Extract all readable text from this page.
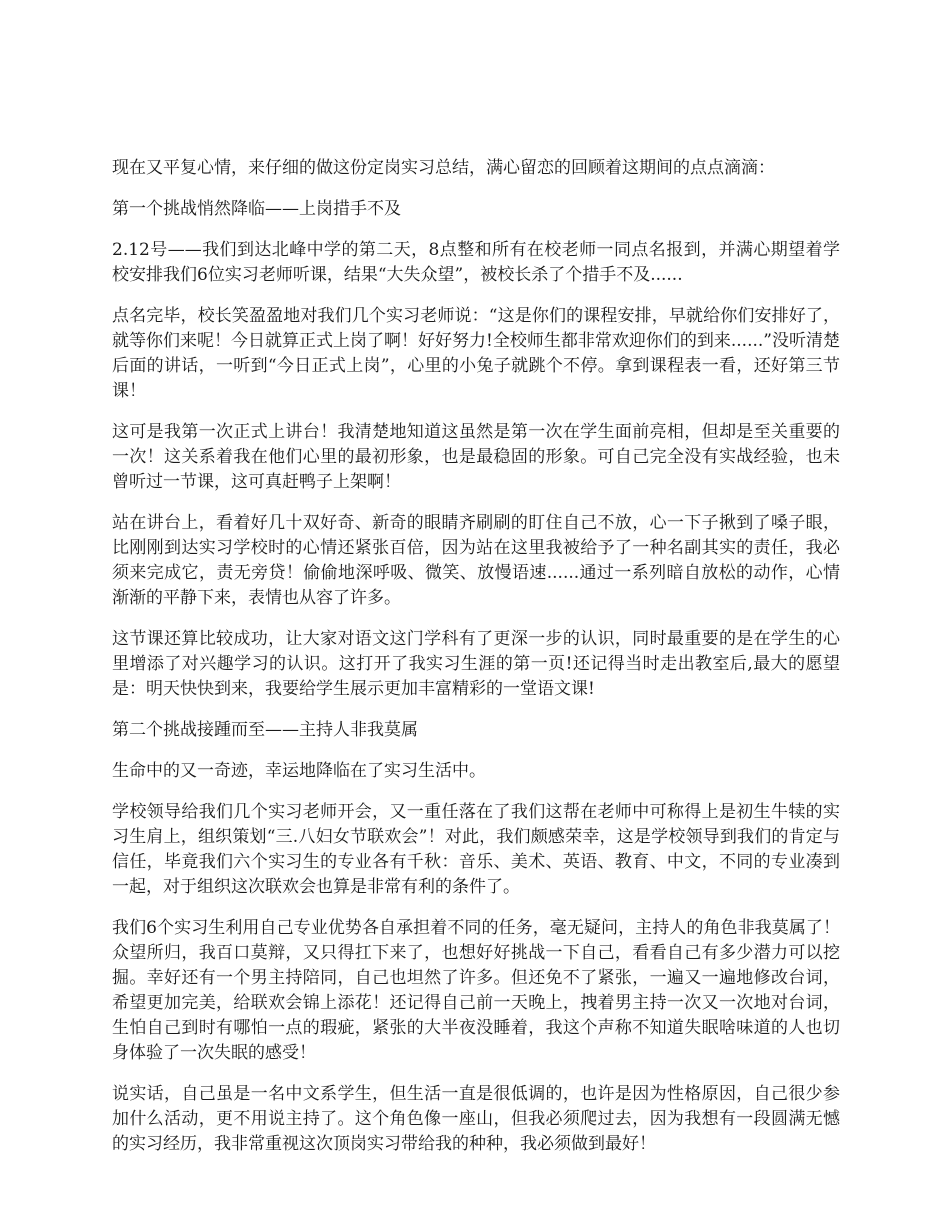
现在又平复心情，来仔细的做这份定岗实习总结，满心留恋的回顾着这期间的点点滴滴：

第一个挑战悄然降临——上岗措手不及

2.12号——我们到达北峰中学的第二天，8点整和所有在校老师一同点名报到，并满心期望着学校安排我们6位实习老师听课，结果“大失众望”，被校长杀了个措手不及......

点名完毕，校长笑盈盈地对我们几个实习老师说：“这是你们的课程安排，早就给你们安排好了，就等你们来呢！今日就算正式上岗了啊！好好努力!全校师生都非常欢迎你们的到来......”没听清楚后面的讲话，一听到“今日正式上岗”，心里的小兔子就跳个不停。拿到课程表一看，还好第三节课！

这可是我第一次正式上讲台！我清楚地知道这虽然是第一次在学生面前亮相，但却是至关重要的一次！这关系着我在他们心里的最初形象，也是最稳固的形象。可自己完全没有实战经验，也未曾听过一节课，这可真赶鸭子上架啊！

站在讲台上，看着好几十双好奇、新奇的眼睛齐刷刷的盯住自己不放，心一下子揪到了嗓子眼，比刚刚到达实习学校时的心情还紧张百倍，因为站在这里我被给予了一种名副其实的责任，我必须来完成它，责无旁贷！偷偷地深呼吸、微笑、放慢语速......通过一系列暗自放松的动作，心情渐渐的平静下来，表情也从容了许多。

这节课还算比较成功，让大家对语文这门学科有了更深一步的认识，同时最重要的是在学生的心里增添了对兴趣学习的认识。这打开了我实习生涯的第一页!还记得当时走出教室后,最大的愿望是：明天快快到来，我要给学生展示更加丰富精彩的一堂语文课!

第二个挑战接踵而至——主持人非我莫属

生命中的又一奇迹，幸运地降临在了实习生活中。

学校领导给我们几个实习老师开会，又一重任落在了我们这帮在老师中可称得上是初生牛犊的实习生肩上，组织策划“三.八妇女节联欢会”！对此，我们颇感荣幸，这是学校领导到我们的肯定与信任，毕竟我们六个实习生的专业各有千秋：音乐、美术、英语、教育、中文，不同的专业凑到一起，对于组织这次联欢会也算是非常有利的条件了。

我们6个实习生利用自己专业优势各自承担着不同的任务，毫无疑问，主持人的角色非我莫属了！众望所归，我百口莫辩，又只得扛下来了，也想好好挑战一下自己，看看自己有多少潜力可以挖掘。幸好还有一个男主持陪同，自己也坦然了许多。但还免不了紧张，一遍又一遍地修改台词，希望更加完美，给联欢会锦上添花！还记得自己前一天晚上，拽着男主持一次又一次地对台词，生怕自己到时有哪怕一点的瑕疵，紧张的大半夜没睡着，我这个声称不知道失眠啥味道的人也切身体验了一次失眠的感受！

说实话，自己虽是一名中文系学生，但生活一直是很低调的，也许是因为性格原因，自己很少参加什么活动，更不用说主持了。这个角色像一座山，但我必须爬过去，因为我想有一段圆满无憾的实习经历，我非常重视这次顶岗实习带给我的种种，我必须做到最好！
